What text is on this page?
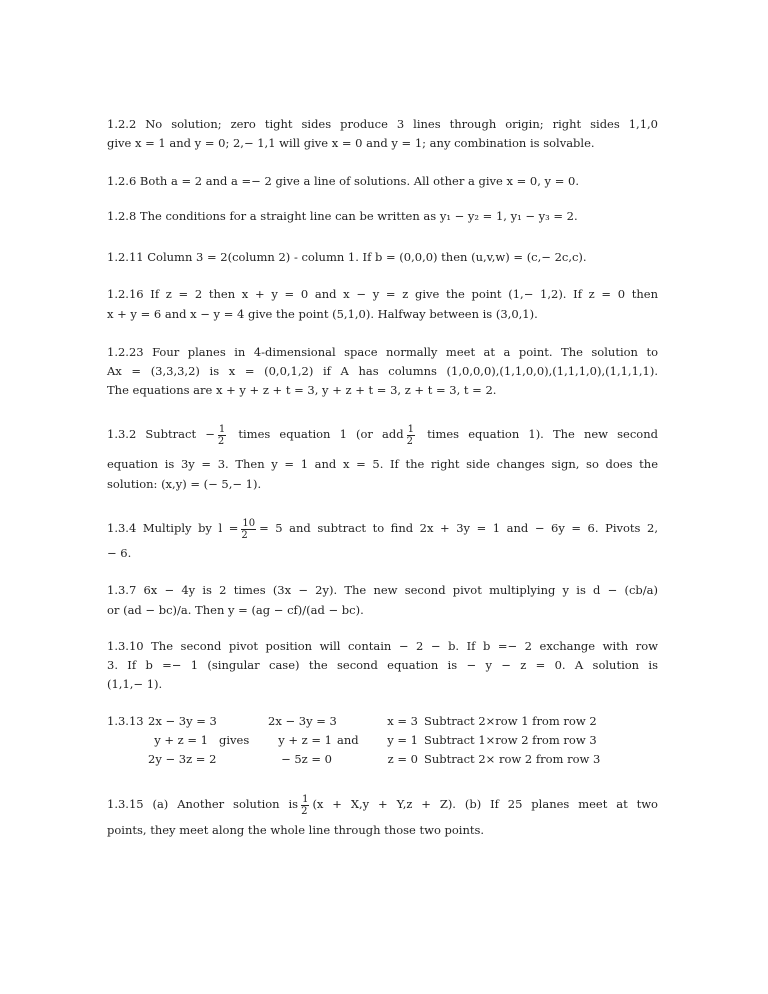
1.2.2 No solution; zero tight sides produce 3 lines through origin; right sides 1,1,0
give x = 1 and y = 0; 2,− 1,1 will give x = 0 and y = 1; any combination is solvable.
1.2.6 Both a = 2 and a =− 2 give a line of solutions. All other a give x = 0, y = 0.
1.2.8 The conditions for a straight line can be written as y₁ − y₂ = 1, y₁ − y₃ = 2.
1.2.11 Column 3 = 2(column 2) - column 1. If b = (0,0,0) then (u,v,w) = (c,− 2c,c).
1.2.16 If z = 2 then x + y = 0 and x − y = z give the point (1,− 1,2). If z = 0 then
x + y = 6 and x − y = 4 give the point (5,1,0). Halfway between is (3,0,1).
1.2.23 Four planes in 4-dimensional space normally meet at a point. The solution to
Ax = (3,3,3,2) is x = (0,0,1,2) if A has columns (1,0,0,0),(1,1,0,0),(1,1,1,0),(1,1,1,1).
The equations are x + y + z + t = 3, y + z + t = 3, z + t = 3, t = 2.
1.3.2 Subtract − $\frac{1}{2}$ times equation 1 (or add $\frac{1}{2}$ times equation 1). The new second
equation is 3y = 3. Then y = 1 and x = 5. If the right side changes sign, so does the
solution: (x,y) = (− 5,− 1).
1.3.4 Multiply by $l = \frac{10}{2} = 5$ and subtract to find 2x + 3y = 1 and − 6y = 6. Pivots 2,
− 6.
1.3.7 6x − 4y is 2 times (3x − 2y). The new second pivot multiplying y is d − (cb/a)
or (ad − bc)/a. Then y = (ag − cf)/(ad − bc).
1.3.10 The second pivot position will contain − 2 − b. If b =− 2 exchange with row
3. If b =− 1 (singular case) the second equation is − y − z = 0. A solution is
(1,1,− 1).
1.3.13 2x − 3y = 3
y + z = 1
2y − 3z = 2
gives
2x − 3y = 3
y + z = 1
− 5z = 0
and
x = 3
y = 1
z = 0
Subtract 2×row 1 from row 2
Subtract 1×row 2 from row 3
Subtract 2× row 2 from row 3
1.3.15 (a) Another solution is $\frac{1}{2} (x + X,y + Y,z + Z)$. (b) If 25 planes meet at two
points, they meet along the whole line through those two points.
